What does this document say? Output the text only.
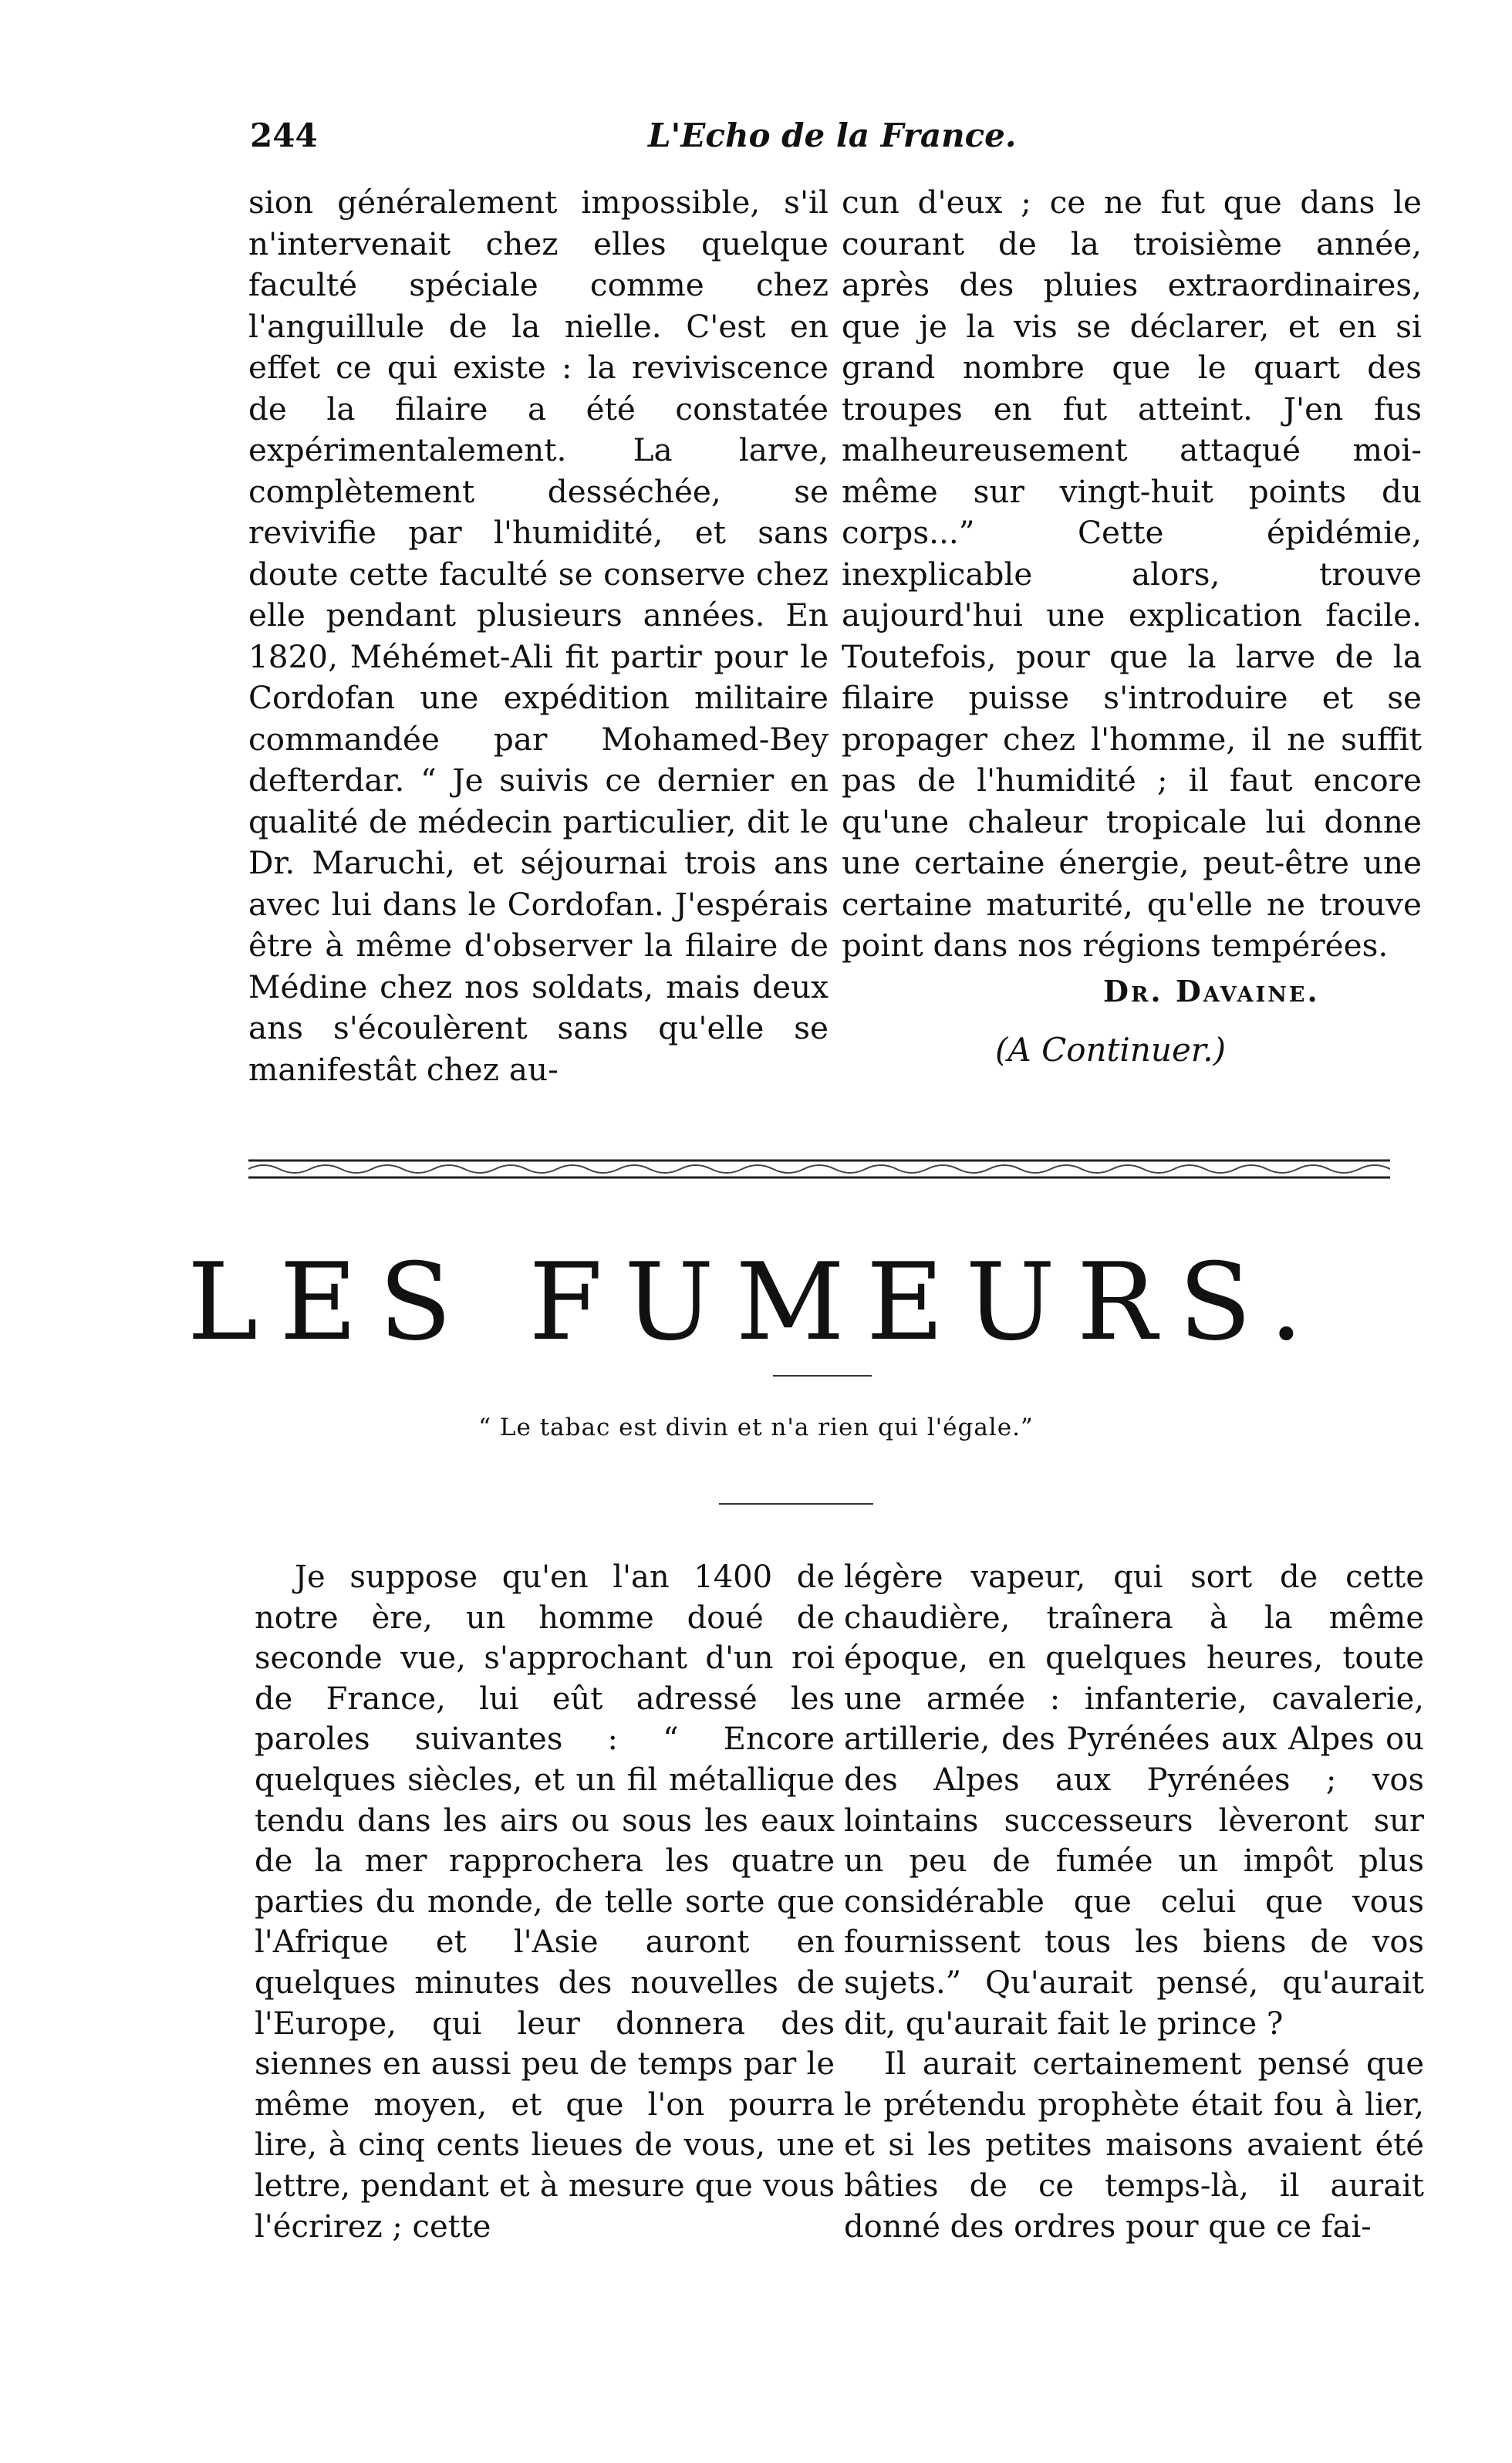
244	L'Echo de la France.

sion généralement impossible, s'il n'intervenait chez elles quelque faculté spéciale comme chez l'anguillule de la nielle. C'est en effet ce qui existe : la reviviscence de la filaire a été constatée expérimentalement. La larve, complètement desséchée, se revivifie par l'humidité, et sans doute cette faculté se conserve chez elle pendant plusieurs années. En 1820, Méhémet-Ali fit partir pour le Cordofan une expédition militaire commandée par Mohamed-Bey defterdar. “ Je suivis ce dernier en qualité de médecin particulier, dit le Dr. Maruchi, et séjournai trois ans avec lui dans le Cordofan. J'espérais être à même d'observer la filaire de Médine chez nos soldats, mais deux ans s'écoulèrent sans qu'elle se manifestât chez au-

cun d'eux ; ce ne fut que dans le courant de la troisième année, après des pluies extraordinaires, que je la vis se déclarer, et en si grand nombre que le quart des troupes en fut atteint. J'en fus malheureusement attaqué moi-même sur vingt-huit points du corps...” Cette épidémie, inexplicable alors, trouve aujourd'hui une explication facile. Toutefois, pour que la larve de la filaire puisse s'introduire et se propager chez l'homme, il ne suffit pas de l'humidité ; il faut encore qu'une chaleur tropicale lui donne une certaine énergie, peut-être une certaine maturité, qu'elle ne trouve point dans nos régions tempérées.

Dr. Davaine.
(A Continuer.)
LES FUMEURS.
“ Le tabac est divin et n'a rien qui l'égale.”

Je suppose qu'en l'an 1400 de notre ère, un homme doué de seconde vue, s'approchant d'un roi de France, lui eût adressé les paroles suivantes : “ Encore quelques siècles, et un fil métallique tendu dans les airs ou sous les eaux de la mer rapprochera les quatre parties du monde, de telle sorte que l'Afrique et l'Asie auront en quelques minutes des nouvelles de l'Europe, qui leur donnera des siennes en aussi peu de temps par le même moyen, et que l'on pourra lire, à cinq cents lieues de vous, une lettre, pendant et à mesure que vous l'écrirez ; cette

légère vapeur, qui sort de cette chaudière, traînera à la même époque, en quelques heures, toute une armée : infanterie, cavalerie, artillerie, des Pyrénées aux Alpes ou des Alpes aux Pyrénées ; vos lointains successeurs lèveront sur un peu de fumée un impôt plus considérable que celui que vous fournissent tous les biens de vos sujets.” Qu'aurait pensé, qu'aurait dit, qu'aurait fait le prince ?

Il aurait certainement pensé que le prétendu prophète était fou à lier, et si les petites maisons avaient été bâties de ce temps-là, il aurait donné des ordres pour que ce fai-
